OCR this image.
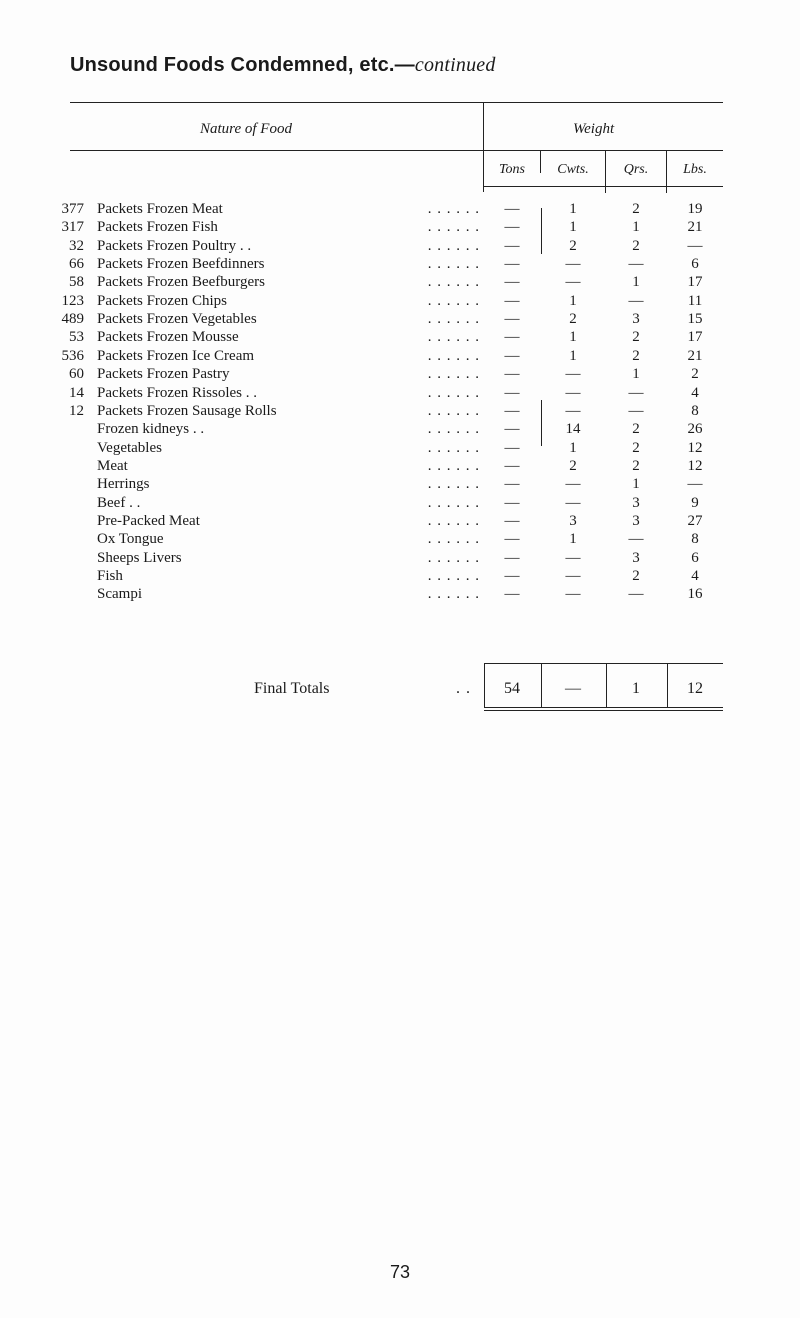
Unsound Foods Condemned, etc.—continued
Nature of Food	Weight
Tons	Cwts.	Qrs.	Lbs.
377 Packets Frozen Meat	—	1	2	19
. . . . . .
317 Packets Frozen Fish	—	1	1	21
. . . . . .
32 Packets Frozen Poultry . .	—	2	2	—
. . . . . .
66 Packets Frozen Beefdinners	—	—	—	6
. . . . . .
58 Packets Frozen Beefburgers	—	—	1	17
. . . . . .
123 Packets Frozen Chips	—	1	—	11
. . . . . .
489 Packets Frozen Vegetables	—	2	3	15
. . . . . .
53 Packets Frozen Mousse	—	1	2	17
. . . . . .
536 Packets Frozen Ice Cream	—	1	2	21
. . . . . .
60 Packets Frozen Pastry	—	—	1	2
. . . . . .
14 Packets Frozen Rissoles . .	—	—	—	4
. . . . . .
12 Packets Frozen Sausage Rolls	—	—	—	8
. . . . . .
Frozen kidneys . .	—	14	2	26
. . . . . .
Vegetables	—	1	2	12
. . . . . .
Meat	—	2	2	12
. . . . . .
Herrings	—	—	1	—
. . . . . .
Beef . .	—	—	3	9
. . . . . .
Pre-Packed Meat	—	3	3	27
. . . . . .
Ox Tongue	—	1	—	8
. . . . . .
Sheeps Livers	—	—	3	6
. . . . . .
Fish	—	—	2	4
. . . . . .
Scampi	—	—	—	16
. . . . . .
Final Totals	. .	54	—	1	12
73
